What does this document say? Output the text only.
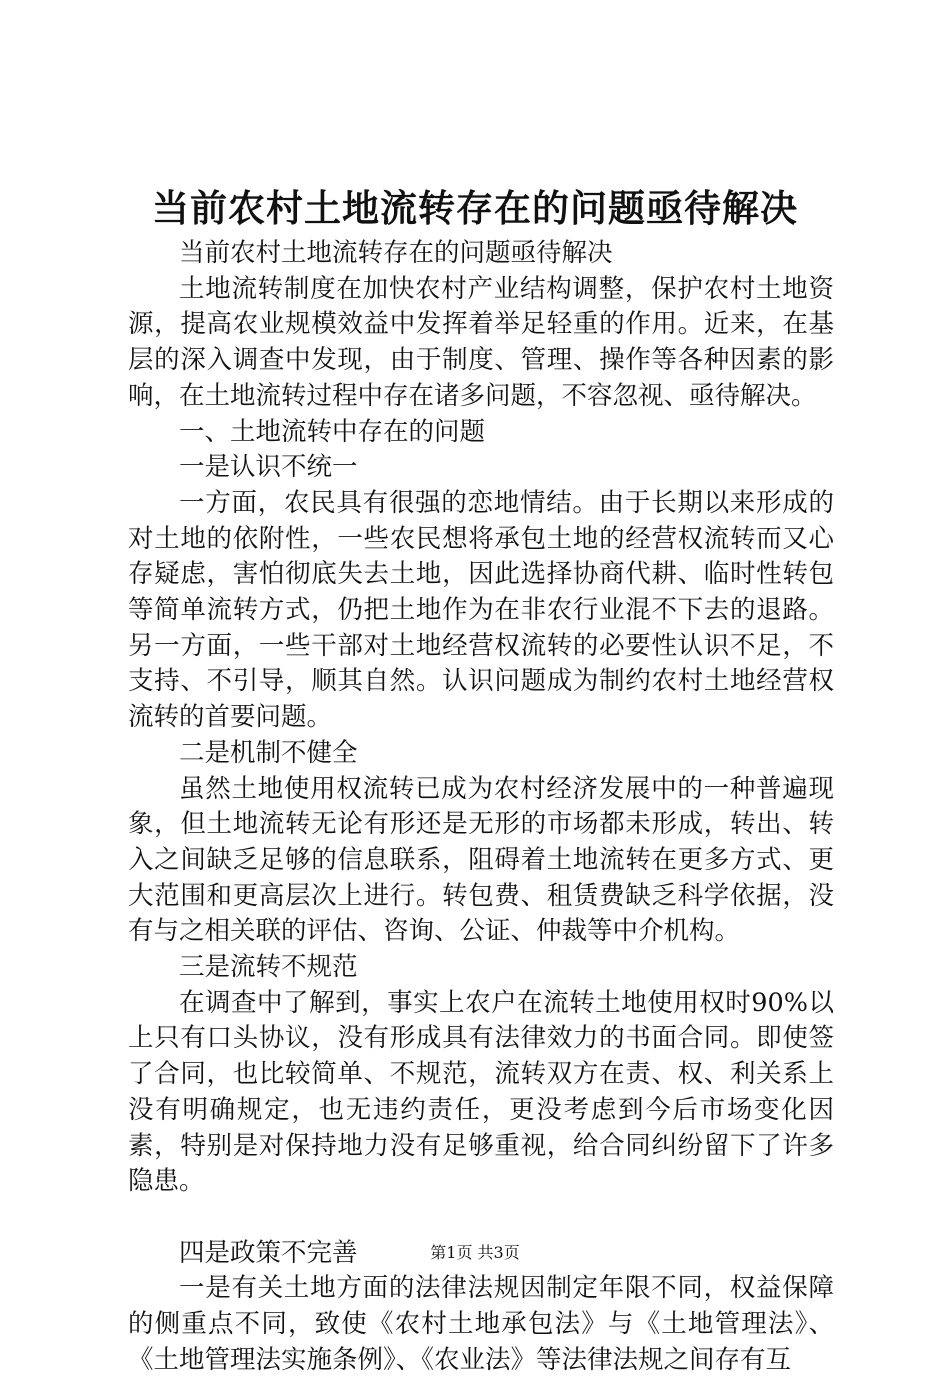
当前农村土地流转存在的问题亟待解决

当前农村土地流转存在的问题亟待解决

土地流转制度在加快农村产业结构调整，保护农村土地资源，提高农业规模效益中发挥着举足轻重的作用。近来，在基层的深入调查中发现，由于制度、管理、操作等各种因素的影响，在土地流转过程中存在诸多问题，不容忽视、亟待解决。

一、土地流转中存在的问题

一是认识不统一

一方面，农民具有很强的恋地情结。由于长期以来形成的对土地的依附性，一些农民想将承包土地的经营权流转而又心存疑虑，害怕彻底失去土地，因此选择协商代耕、临时性转包等简单流转方式，仍把土地作为在非农行业混不下去的退路。另一方面，一些干部对土地经营权流转的必要性认识不足，不支持、不引导，顺其自然。认识问题成为制约农村土地经营权流转的首要问题。

二是机制不健全

虽然土地使用权流转已成为农村经济发展中的一种普遍现象，但土地流转无论有形还是无形的市场都未形成，转出、转入之间缺乏足够的信息联系，阻碍着土地流转在更多方式、更大范围和更高层次上进行。转包费、租赁费缺乏科学依据，没有与之相关联的评估、咨询、公证、仲裁等中介机构。

三是流转不规范

在调查中了解到，事实上农户在流转土地使用权时90%以上只有口头协议，没有形成具有法律效力的书面合同。即使签了合同，也比较简单、不规范，流转双方在责、权、利关系上没有明确规定，也无违约责任，更没考虑到今后市场变化因素，特别是对保持地力没有足够重视，给合同纠纷留下了许多隐患。

四是政策不完善

一是有关土地方面的法律法规因制定年限不同，权益保障的侧重点不同，致使《农村土地承包法》与《土地管理法》、《土地管理法实施条例》、《农业法》等法律法规之间存有互

第1页 共3页
